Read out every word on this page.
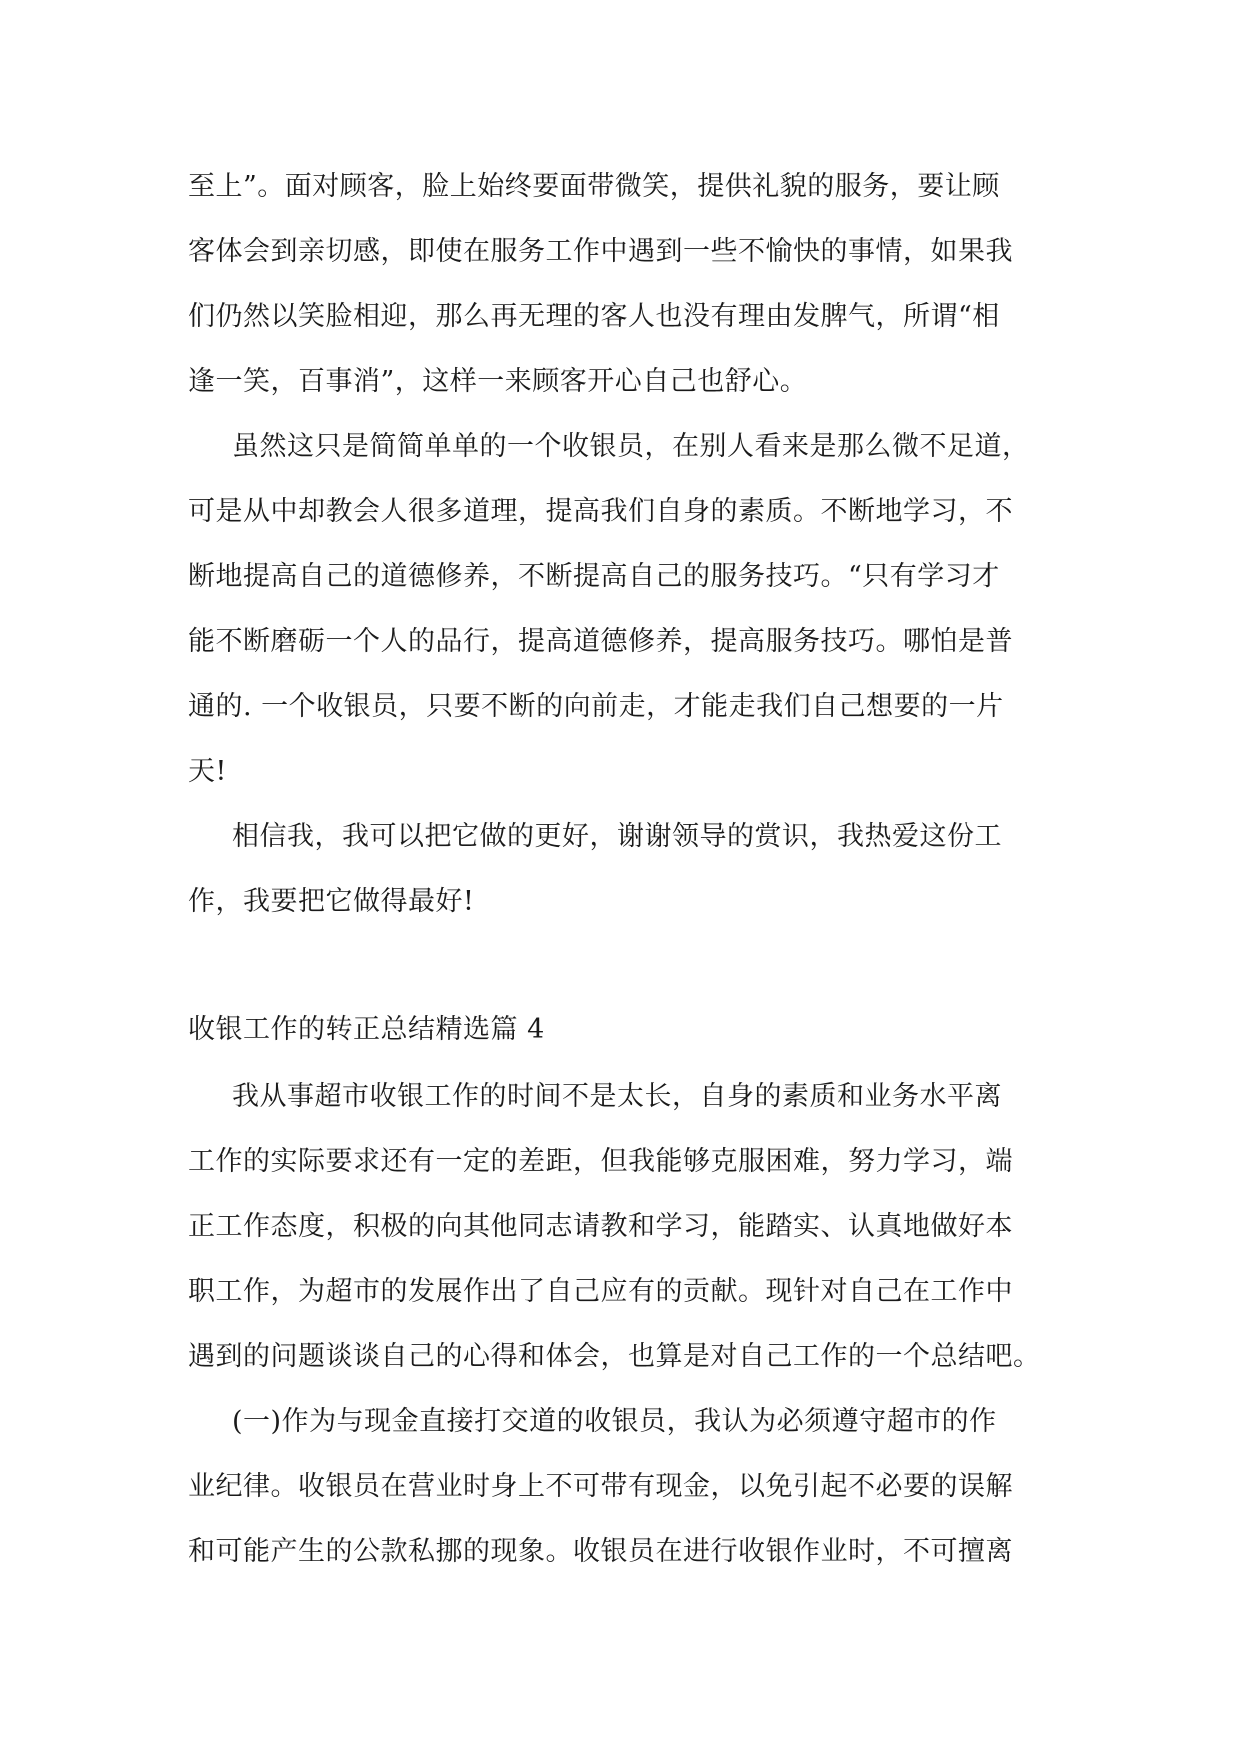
至上”。面对顾客，脸上始终要面带微笑，提供礼貌的服务，要让顾
客体会到亲切感，即使在服务工作中遇到一些不愉快的事情，如果我
们仍然以笑脸相迎，那么再无理的客人也没有理由发脾气，所谓“相
逢一笑，百事消”，这样一来顾客开心自己也舒心。
虽然这只是简简单单的一个收银员，在别人看来是那么微不足道，
可是从中却教会人很多道理，提高我们自身的素质。不断地学习，不
断地提高自己的道德修养，不断提高自己的服务技巧。“只有学习才
能不断磨砺一个人的品行，提高道德修养，提高服务技巧。哪怕是普
通的. 一个收银员，只要不断的向前走，才能走我们自己想要的一片
天!
相信我，我可以把它做的更好，谢谢领导的赏识，我热爱这份工
作，我要把它做得最好!
收银工作的转正总结精选篇 4
我从事超市收银工作的时间不是太长，自身的素质和业务水平离
工作的实际要求还有一定的差距，但我能够克服困难，努力学习，端
正工作态度，积极的向其他同志请教和学习，能踏实、认真地做好本
职工作，为超市的发展作出了自己应有的贡献。现针对自己在工作中
遇到的问题谈谈自己的心得和体会，也算是对自己工作的一个总结吧。
(一)作为与现金直接打交道的收银员，我认为必须遵守超市的作
业纪律。收银员在营业时身上不可带有现金，以免引起不必要的误解
和可能产生的公款私挪的现象。收银员在进行收银作业时，不可擅离
